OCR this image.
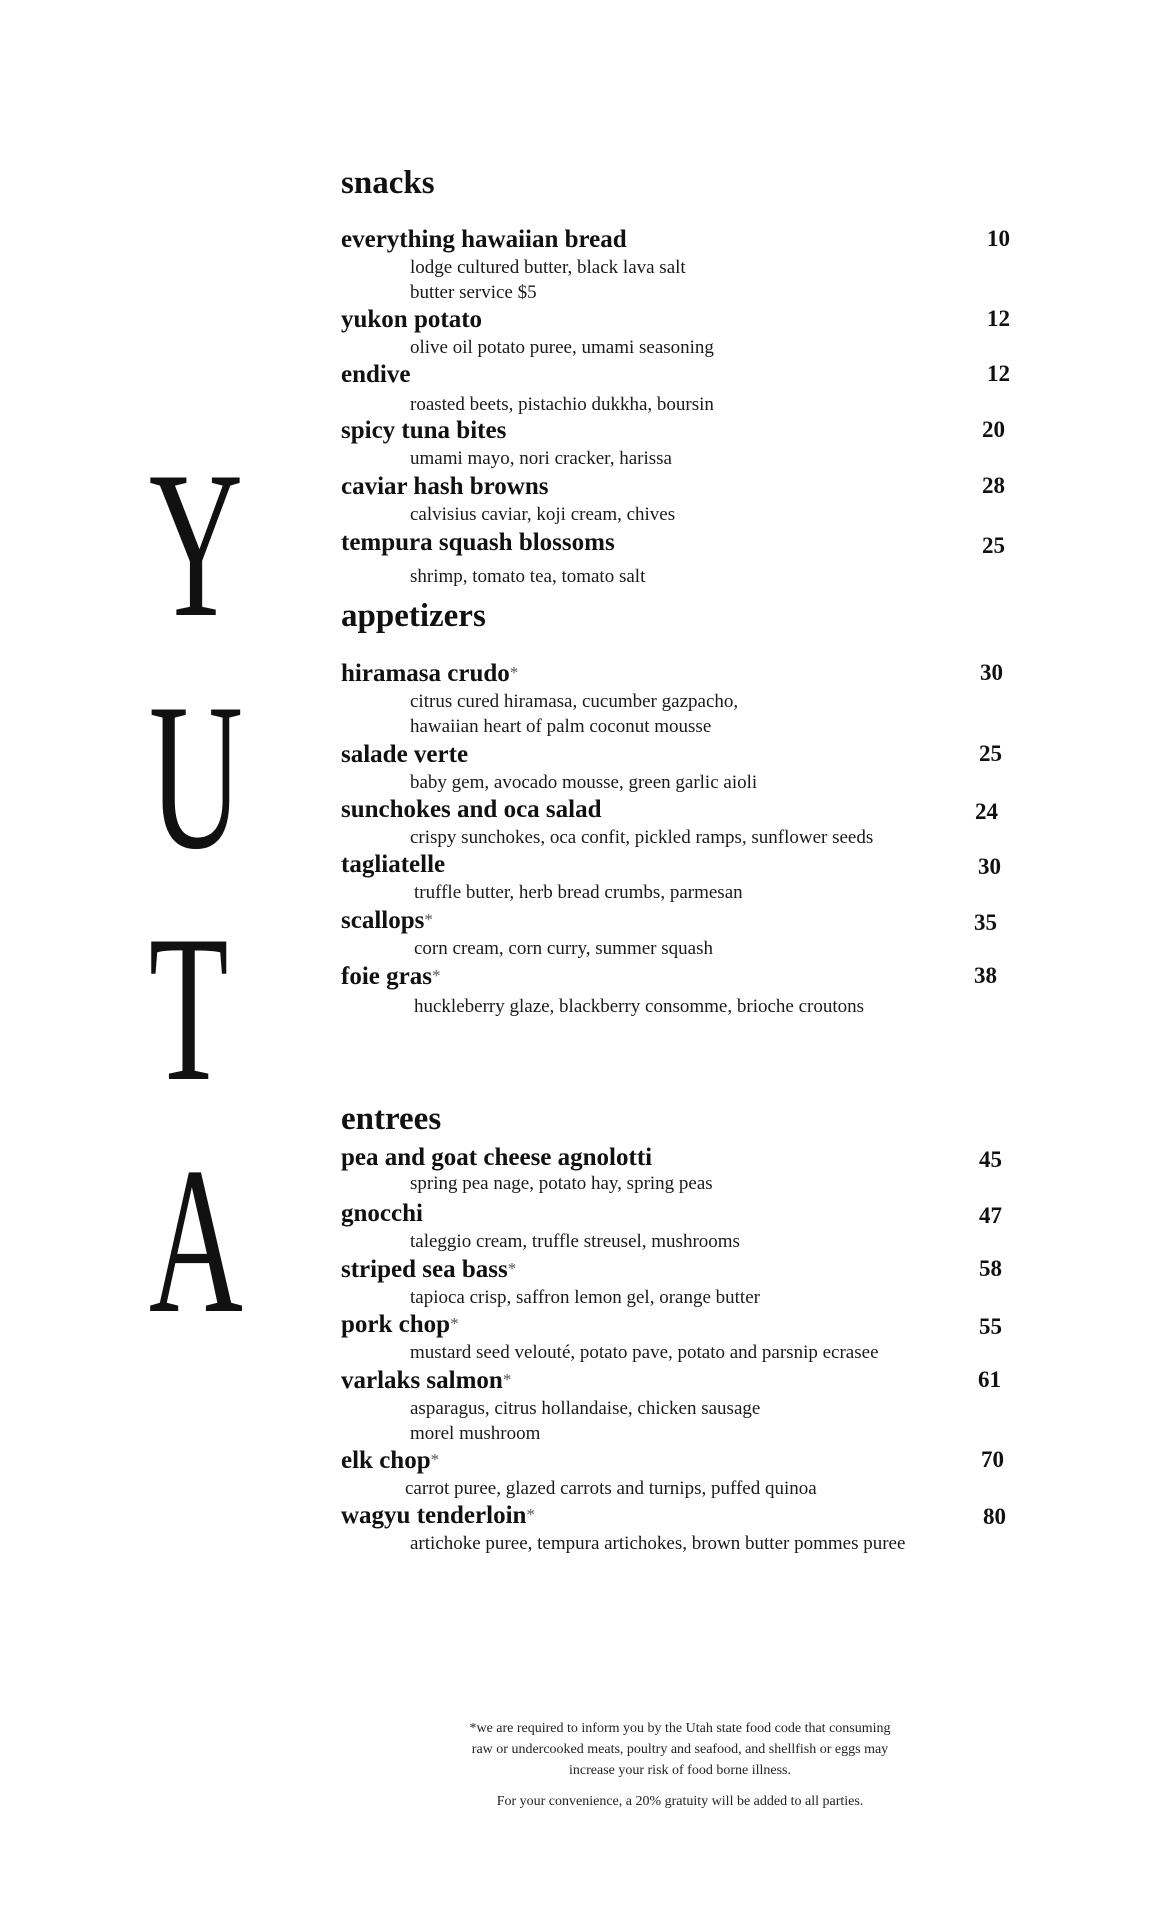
Y
U
T
A
snacks
everything hawaiian bread	10
lodge cultured butter, black lava salt
butter service $5
yukon potato	12
olive oil potato puree, umami seasoning
endive	12
roasted beets, pistachio dukkha, boursin
spicy tuna bites	20
umami mayo, nori cracker, harissa
caviar hash browns	28
calvisius caviar, koji cream, chives
tempura squash blossoms	25
shrimp, tomato tea, tomato salt
appetizers
hiramasa crudo*	30
citrus cured hiramasa, cucumber gazpacho,
hawaiian heart of palm coconut mousse
salade verte	25
baby gem, avocado mousse, green garlic aioli
sunchokes and oca salad	24
crispy sunchokes, oca confit, pickled ramps, sunflower seeds
tagliatelle	30
truffle butter, herb bread crumbs, parmesan
scallops*	35
corn cream, corn curry, summer squash
foie gras*	38
huckleberry glaze, blackberry consomme, brioche croutons
entrees
pea and goat cheese agnolotti	45
spring pea nage, potato hay, spring peas
gnocchi	47
taleggio cream, truffle streusel, mushrooms
striped sea bass*	58
tapioca crisp, saffron lemon gel, orange butter
pork chop*	55
mustard seed velouté, potato pave, potato and parsnip ecrasee
varlaks salmon*	61
asparagus, citrus hollandaise, chicken sausage
morel mushroom
elk chop*	70
carrot puree, glazed carrots and turnips, puffed quinoa
wagyu tenderloin*	80
artichoke puree, tempura artichokes, brown butter pommes puree
*we are required to inform you by the Utah state food code that consuming
raw or undercooked meats, poultry and seafood, and shellfish or eggs may
increase your risk of food borne illness.
For your convenience, a 20% gratuity will be added to all parties.
